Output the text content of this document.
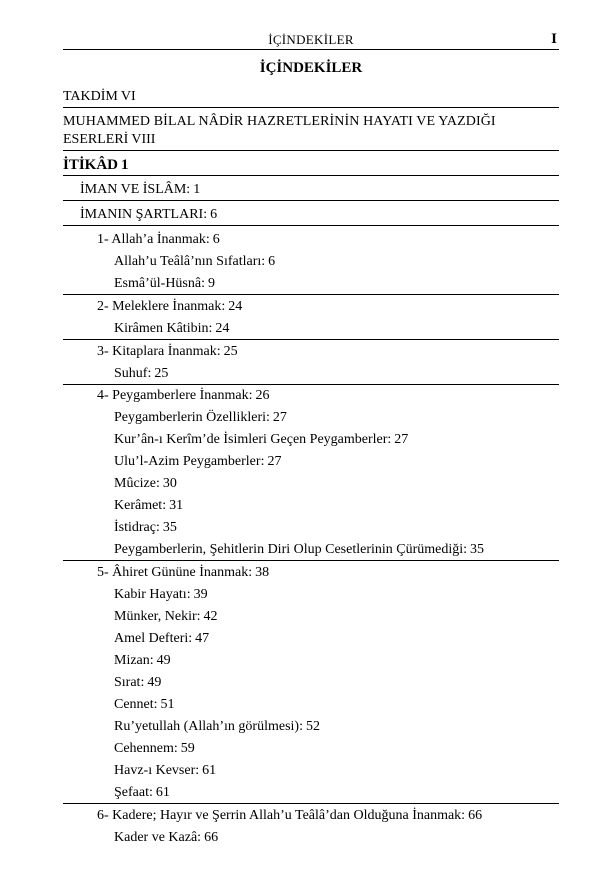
İÇİNDEKİLER	I
İÇİNDEKİLER
TAKDİM VI
MUHAMMED BİLAL NÂDİR HAZRETLERİNİN HAYATI VE YAZDIĞI
ESERLERİ VIII
İTİKÂD 1
İMAN VE İSLÂM: 1
İMANIN ŞARTLARI: 6
1- Allah’a İnanmak: 6
Allah’u Teâlâ’nın Sıfatları: 6
Esmâ’ül-Hüsnâ: 9
2- Meleklere İnanmak: 24
Kirâmen Kâtibin: 24
3- Kitaplara İnanmak: 25
Suhuf: 25
4- Peygamberlere İnanmak: 26
Peygamberlerin Özellikleri: 27
Kur’ân-ı Kerîm’de İsimleri Geçen Peygamberler: 27
Ulu’l-Azim Peygamberler: 27
Mûcize: 30
Kerâmet: 31
İstidraç: 35
Peygamberlerin, Şehitlerin Diri Olup Cesetlerinin Çürümediği: 35
5- Âhiret Gününe İnanmak: 38
Kabir Hayatı: 39
Münker, Nekir: 42
Amel Defteri: 47
Mizan: 49
Sırat: 49
Cennet: 51
Ru’yetullah (Allah’ın görülmesi): 52
Cehennem: 59
Havz-ı Kevser: 61
Şefaat: 61
6- Kadere; Hayır ve Şerrin Allah’u Teâlâ’dan Olduğuna İnanmak: 66
Kader ve Kazâ: 66
